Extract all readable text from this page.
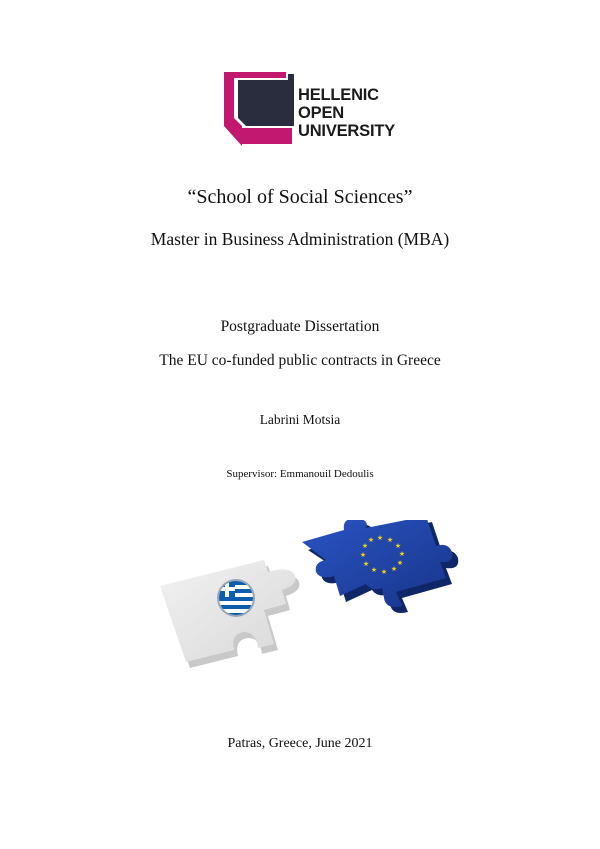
HELLENIC
OPEN
UNIVERSITY
“School of Social Sciences”
Master in Business Administration (MBA)
Postgraduate Dissertation
The EU co-funded public contracts in Greece
Labrini Motsia
Supervisor: Emmanouil Dedoulis
★ ★
★
★
★
★
★
★
★
★
★
★
Patras, Greece, June 2021
